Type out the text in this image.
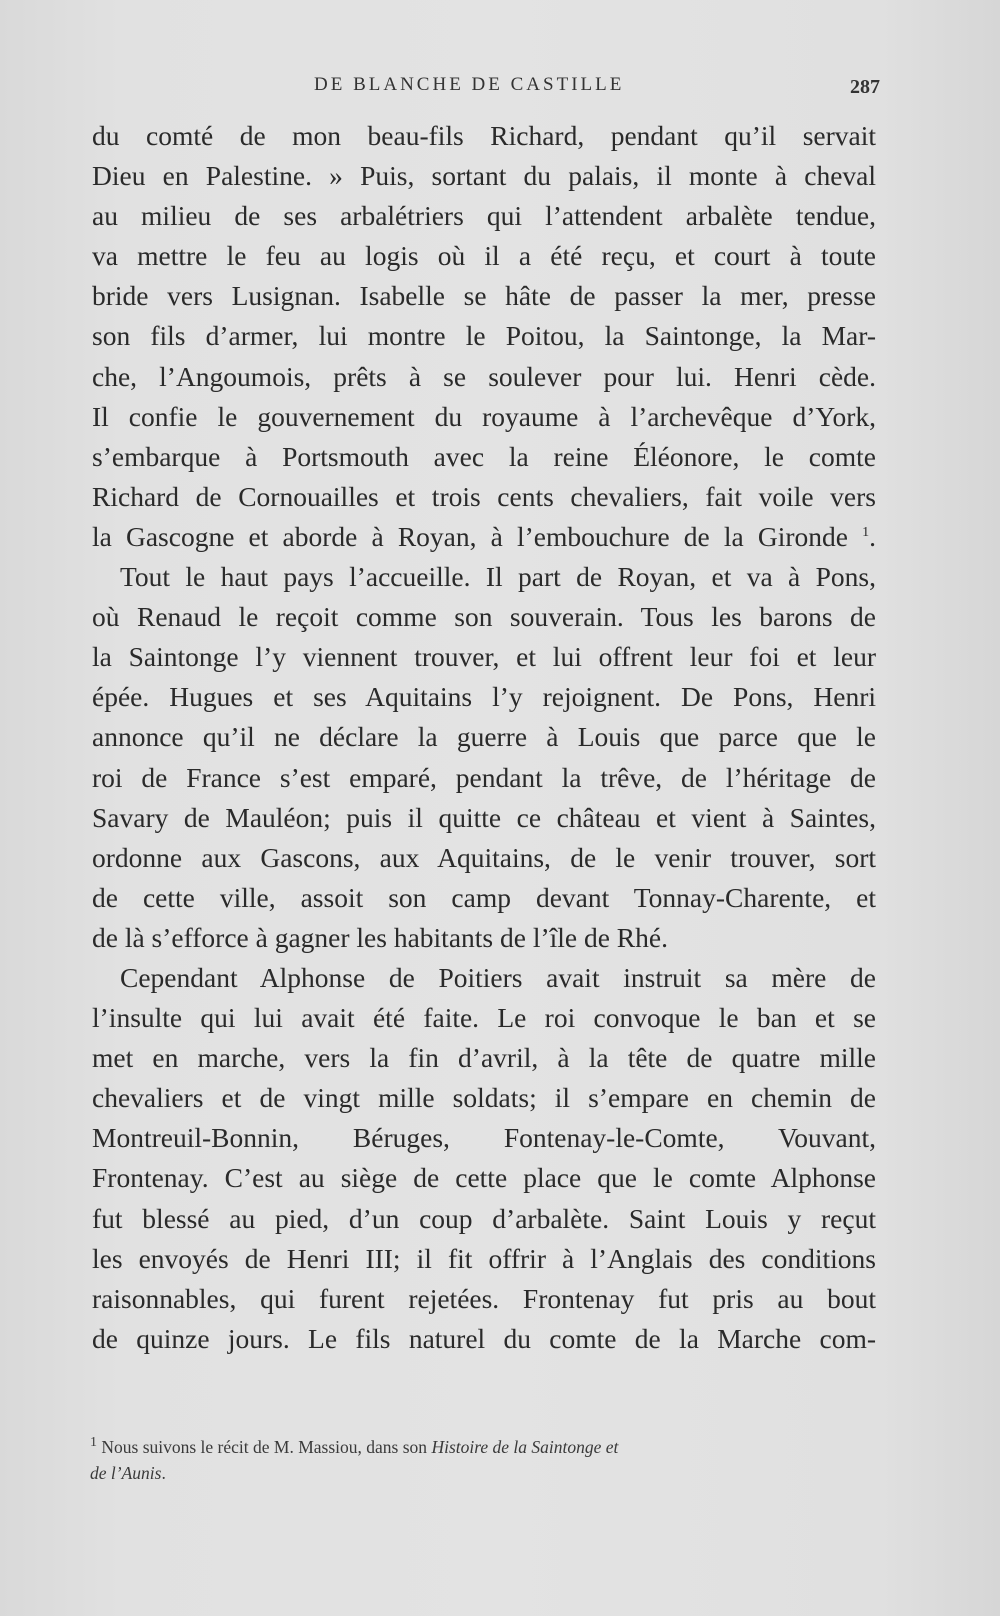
DE BLANCHE DE CASTILLE	287
du comté de mon beau-fils Richard, pendant qu’il servait
Dieu en Palestine. » Puis, sortant du palais, il monte à cheval
au milieu de ses arbalétriers qui l’attendent arbalète tendue,
va mettre le feu au logis où il a été reçu, et court à toute
bride vers Lusignan. Isabelle se hâte de passer la mer, presse
son fils d’armer, lui montre le Poitou, la Saintonge, la Mar-
che, l’Angoumois, prêts à se soulever pour lui. Henri cède.
Il confie le gouvernement du royaume à l’archevêque d’York,
s’embarque à Portsmouth avec la reine Éléonore, le comte
Richard de Cornouailles et trois cents chevaliers, fait voile vers
la Gascogne et aborde à Royan, à l’embouchure de la Gironde $^1$.
Tout le haut pays l’accueille. Il part de Royan, et va à Pons,
où Renaud le reçoit comme son souverain. Tous les barons de
la Saintonge l’y viennent trouver, et lui offrent leur foi et leur
épée. Hugues et ses Aquitains l’y rejoignent. De Pons, Henri
annonce qu’il ne déclare la guerre à Louis que parce que le
roi de France s’est emparé, pendant la trêve, de l’héritage de
Savary de Mauléon; puis il quitte ce château et vient à Saintes,
ordonne aux Gascons, aux Aquitains, de le venir trouver, sort
de cette ville, assoit son camp devant Tonnay-Charente, et
de là s’efforce à gagner les habitants de l’île de Rhé.
Cependant Alphonse de Poitiers avait instruit sa mère de
l’insulte qui lui avait été faite. Le roi convoque le ban et se
met en marche, vers la fin d’avril, à la tête de quatre mille
chevaliers et de vingt mille soldats; il s’empare en chemin de
Montreuil-Bonnin, Béruges, Fontenay-le-Comte, Vouvant,
Frontenay. C’est au siège de cette place que le comte Alphonse
fut blessé au pied, d’un coup d’arbalète. Saint Louis y reçut
les envoyés de Henri III; il fit offrir à l’Anglais des conditions
raisonnables, qui furent rejetées. Frontenay fut pris au bout
de quinze jours. Le fils naturel du comte de la Marche com-
$^1$ Nous suivons le récit de M. Massiou, dans son Histoire de la Saintonge et
de l’Aunis.
